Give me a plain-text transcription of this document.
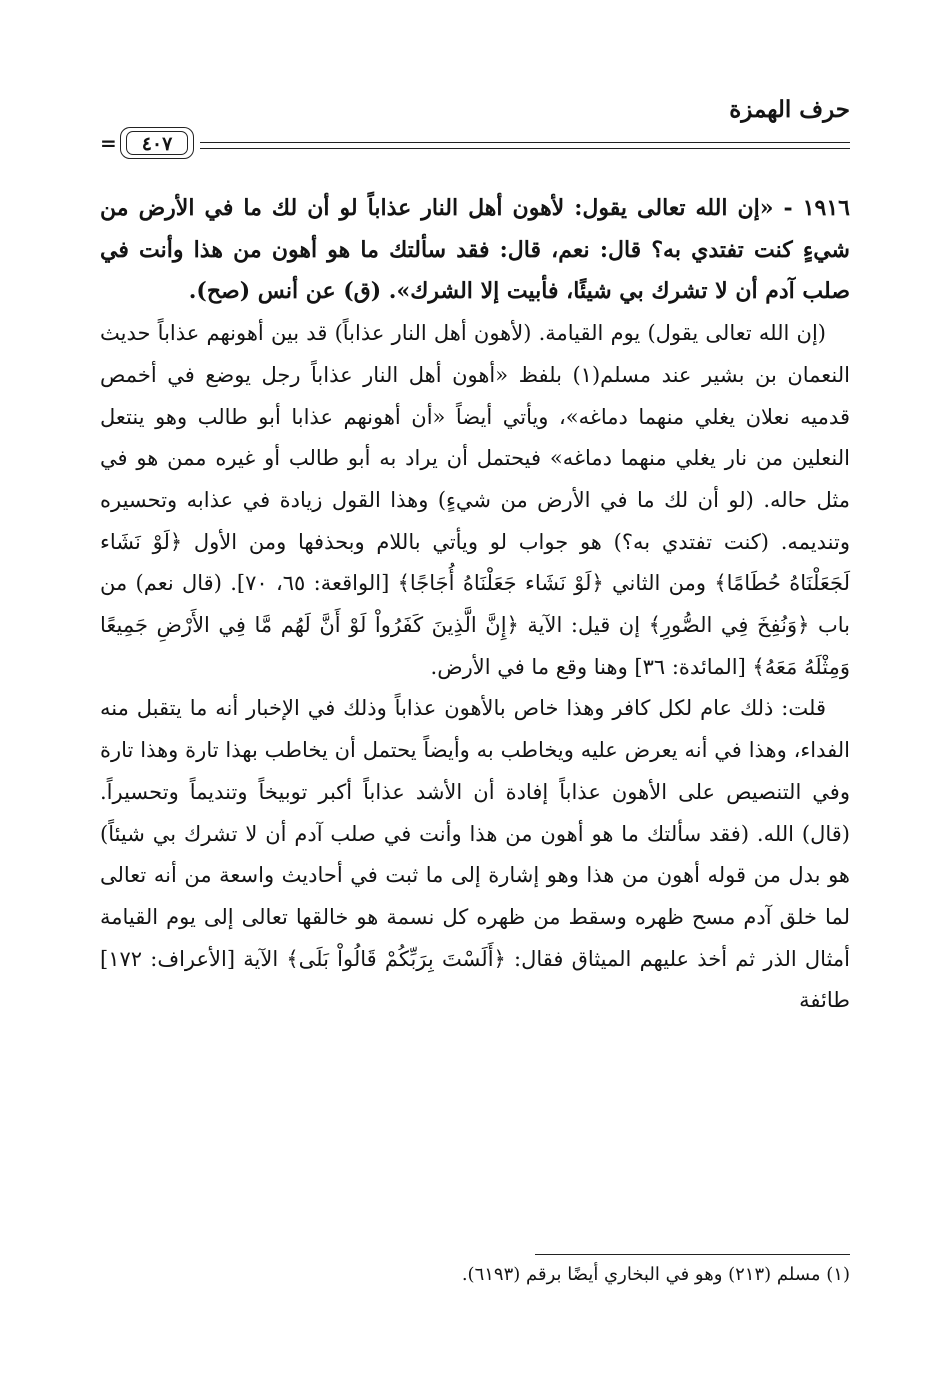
حرف الهمزة
٤٠٧
=

١٩١٦ - «إن الله تعالى يقول: لأهون أهل النار عذاباً لو أن لك ما في الأرض من شيءٍ كنت تفتدي به؟ قال: نعم، قال: فقد سألتك ما هو أهون من هذا وأنت في صلب آدم أن لا تشرك بي شيئًا، فأبيت إلا الشرك». (ق) عن أنس (صح).

(إن الله تعالى يقول) يوم القيامة. (لأهون أهل النار عذاباً) قد بين أهونهم عذاباً حديث النعمان بن بشير عند مسلم(١) بلفظ «أهون أهل النار عذاباً رجل يوضع في أخمص قدميه نعلان يغلي منهما دماغه»، ويأتي أيضاً «أن أهونهم عذابا أبو طالب وهو ينتعل النعلين من نار يغلي منهما دماغه» فيحتمل أن يراد به أبو طالب أو غيره ممن هو في مثل حاله. (لو أن لك ما في الأرض من شيءٍ) وهذا القول زيادة في عذابه وتحسيره وتنديمه. (كنت تفتدي به؟) هو جواب لو ويأتي باللام وبحذفها ومن الأول ﴿لَوْ نَشَاء لَجَعَلْنَاهُ حُطَامًا﴾ ومن الثاني ﴿لَوْ نَشَاء جَعَلْنَاهُ أُجَاجًا﴾ [الواقعة: ٦٥، ٧٠]. (قال نعم) من باب ﴿وَنُفِخَ فِي الصُّورِ﴾ إن قيل: الآية ﴿إِنَّ الَّذِينَ كَفَرُواْ لَوْ أَنَّ لَهُم مَّا فِي الأَرْضِ جَمِيعًا وَمِثْلَهُ مَعَهُ﴾ [المائدة: ٣٦] وهنا وقع ما في الأرض.

قلت: ذلك عام لكل كافر وهذا خاص بالأهون عذاباً وذلك في الإخبار أنه ما يتقبل منه الفداء، وهذا في أنه يعرض عليه ويخاطب به وأيضاً يحتمل أن يخاطب بهذا تارة وهذا تارة وفي التنصيص على الأهون عذاباً إفادة أن الأشد عذاباً أكبر توبيخاً وتنديماً وتحسيراً. (قال) الله. (فقد سألتك ما هو أهون من هذا وأنت في صلب آدم أن لا تشرك بي شيئاً) هو بدل من قوله أهون من هذا وهو إشارة إلى ما ثبت في أحاديث واسعة من أنه تعالى لما خلق آدم مسح ظهره وسقط من ظهره كل نسمة هو خالقها تعالى إلى يوم القيامة أمثال الذر ثم أخذ عليهم الميثاق فقال: ﴿أَلَسْتَ بِرَبِّكُمْ قَالُواْ بَلَى﴾ الآية [الأعراف: ١٧٢] طائفة

(١) مسلم (٢١٣) وهو في البخاري أيضًا برقم (٦١٩٣).
